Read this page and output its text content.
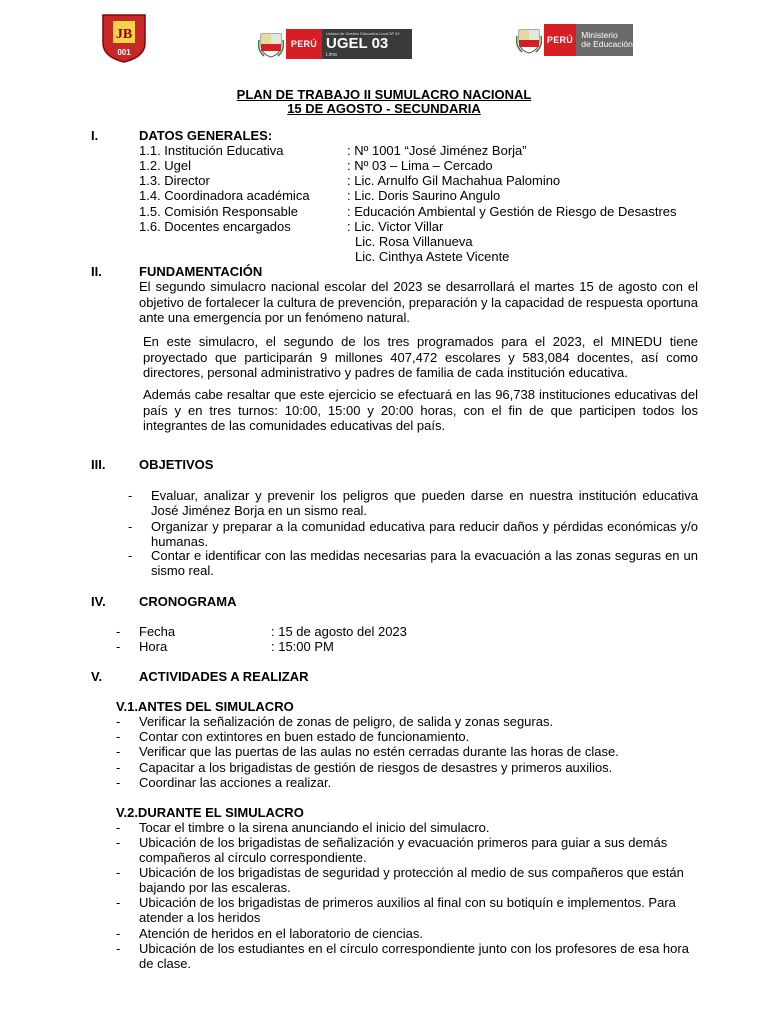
JB
001
PERÚ
Unidad de Gestión Educativa Local Nº 03
UGEL 03
Lima
PERÚ
Ministerio
de Educación
PLAN DE TRABAJO II SUMULACRO NACIONAL
15 DE AGOSTO - SECUNDARIA
I.	DATOS GENERALES:
1.1. Institución Educativa	: Nº 1001 “José Jiménez Borja”
1.2. Ugel	: Nº 03 – Lima – Cercado
1.3. Director	: Lic. Arnulfo Gil Machahua Palomino
1.4. Coordinadora académica	: Lic. Doris Saurino Angulo
1.5. Comisión Responsable	: Educación Ambiental y Gestión de Riesgo de Desastres
1.6. Docentes encargados	: Lic. Victor Villar
Lic. Rosa Villanueva
Lic. Cinthya Astete Vicente
II.	FUNDAMENTACIÓN
El segundo simulacro nacional escolar del 2023 se desarrollará el martes 15 de agosto con el objetivo de fortalecer la cultura de prevención, preparación y la capacidad de respuesta oportuna ante una emergencia por un fenómeno natural.
En este simulacro, el segundo de los tres programados para el 2023, el MINEDU tiene proyectado que participarán 9 millones 407,472 escolares y 583,084 docentes, así como directores, personal administrativo y padres de familia de cada institución educativa.
Además cabe resaltar que este ejercicio se efectuará en las 96,738 instituciones educativas del país y en tres turnos: 10:00, 15:00 y 20:00 horas, con el fin de que participen todos los integrantes de las comunidades educativas del país.
III.	OBJETIVOS
- Evaluar, analizar y prevenir los peligros que pueden darse en nuestra institución educativa José Jiménez Borja en un sismo real.
- Organizar y preparar a la comunidad educativa para reducir daños y pérdidas económicas y/o humanas.
- Contar e identificar con las medidas necesarias para la evacuación a las zonas seguras en un sismo real.
IV.	CRONOGRAMA
- Fecha	: 15 de agosto del 2023
- Hora	: 15:00 PM
V.	ACTIVIDADES A REALIZAR
V.1.ANTES DEL SIMULACRO
- Verificar la señalización de zonas de peligro, de salida y zonas seguras.
- Contar con extintores en buen estado de funcionamiento.
- Verificar que las puertas de las aulas no estén cerradas durante las horas de clase.
- Capacitar a los brigadistas de gestión de riesgos de desastres y primeros auxilios.
- Coordinar las acciones a realizar.
V.2.DURANTE EL SIMULACRO
- Tocar el timbre o la sirena anunciando el inicio del simulacro.
- Ubicación de los brigadistas de señalización y evacuación primeros para guiar a sus demás compañeros al círculo correspondiente.
- Ubicación de los brigadistas de seguridad y protección al medio de sus compañeros que están bajando por las escaleras.
- Ubicación de los brigadistas de primeros auxilios al final con su botiquín e implementos. Para atender a los heridos
- Atención de heridos en el laboratorio de ciencias.
- Ubicación de los estudiantes en el círculo correspondiente junto con los profesores de esa hora de clase.
